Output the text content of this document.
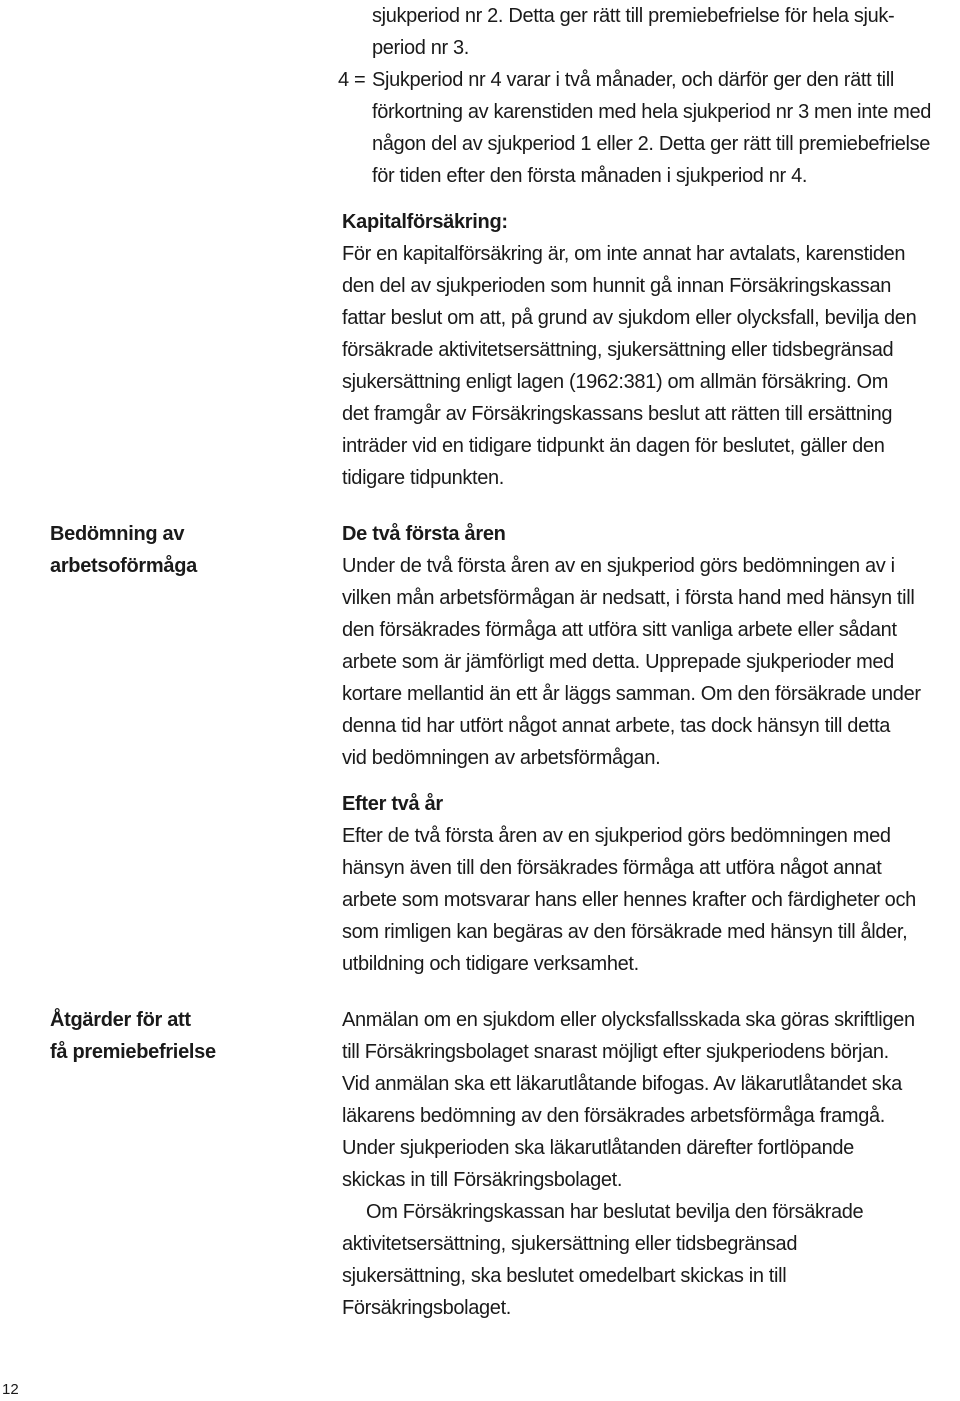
sjukperiod nr 2. Detta ger rätt till premiebefrielse för hela sjuk-
period nr 3.

4 = Sjukperiod nr 4 varar i två månader, och därför ger den rätt till
förkortning av karenstiden med hela sjukperiod nr 3 men inte med
någon del av sjukperiod 1 eller 2. Detta ger rätt till premiebefrielse
för tiden efter den första månaden i sjukperiod nr 4.

Kapitalförsäkring:

För en kapitalförsäkring är, om inte annat har avtalats, karenstiden
den del av sjukperioden som hunnit gå innan Försäkringskassan
fattar beslut om att, på grund av sjukdom eller olycksfall, bevilja den
försäkrade aktivitetsersättning, sjukersättning eller tidsbegränsad
sjukersättning enligt lagen (1962:381) om allmän försäkring. Om
det framgår av Försäkringskassans beslut att rätten till ersättning
inträder vid en tidigare tidpunkt än dagen för beslutet, gäller den
tidigare tidpunkten.

Bedömning av
arbetsoförmåga

De två första åren

Under de två första åren av en sjukperiod görs bedömningen av i
vilken mån arbetsförmågan är nedsatt, i första hand med hänsyn till
den försäkrades förmåga att utföra sitt vanliga arbete eller sådant
arbete som är jämförligt med detta. Upprepade sjukperioder med
kortare mellantid än ett år läggs samman. Om den försäkrade under
denna tid har utfört något annat arbete, tas dock hänsyn till detta
vid bedömningen av arbetsförmågan.

Efter två år

Efter de två första åren av en sjukperiod görs bedömningen med
hänsyn även till den försäkrades förmåga att utföra något annat
arbete som motsvarar hans eller hennes krafter och färdigheter och
som rimligen kan begäras av den försäkrade med hänsyn till ålder,
utbildning och tidigare verksamhet.

Åtgärder för att
få premiebefrielse

Anmälan om en sjukdom eller olycksfallsskada ska göras skriftligen
till Försäkringsbolaget snarast möjligt efter sjukperiodens början.
Vid anmälan ska ett läkarutlåtande bifogas. Av läkarutlåtandet ska
läkarens bedömning av den försäkrades arbetsförmåga framgå.
Under sjukperioden ska läkarutlåtanden därefter fortlöpande
skickas in till Försäkringsbolaget.

Om Försäkringskassan har beslutat bevilja den försäkrade
aktivitetsersättning, sjukersättning eller tidsbegränsad
sjukersättning, ska beslutet omedelbart skickas in till
Försäkringsbolaget.

12
